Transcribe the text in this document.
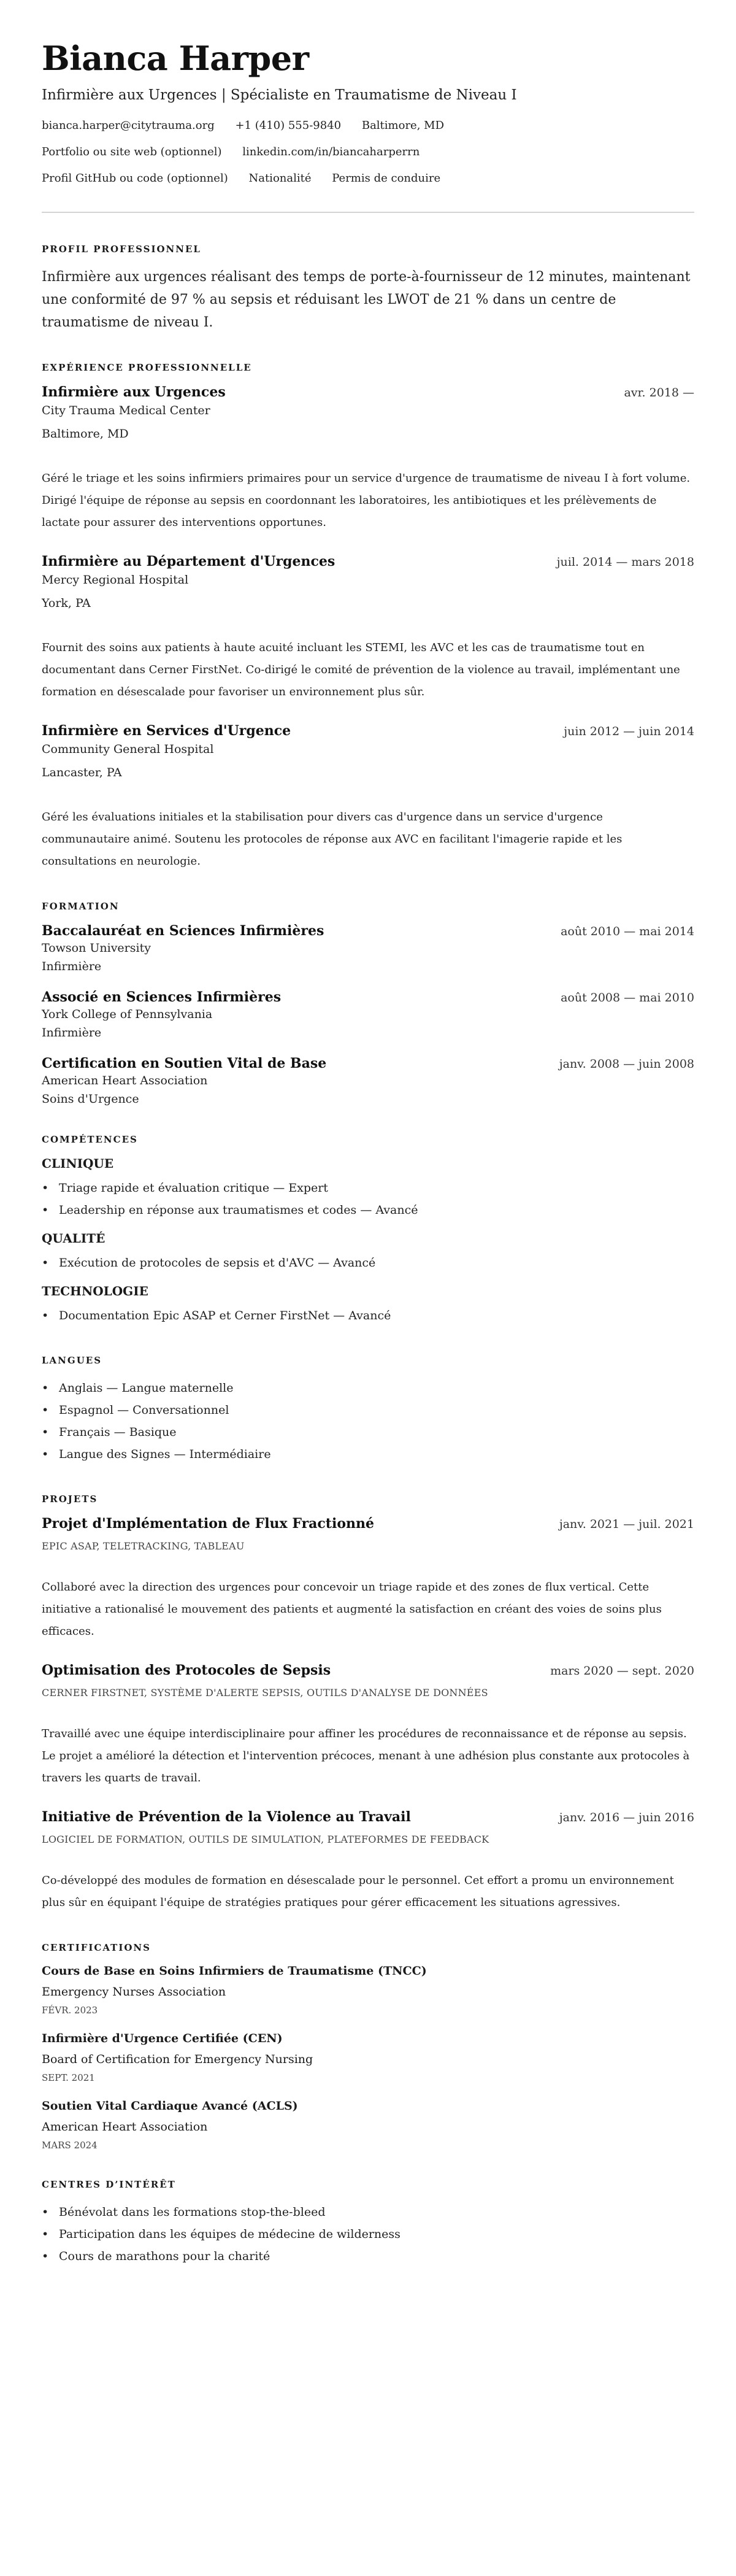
Bianca Harper
Infirmière aux Urgences | Spécialiste en Traumatisme de Niveau I
bianca.harper@citytrauma.org +1 (410) 555-9840 Baltimore, MD
Portfolio ou site web (optionnel) linkedin.com/in/biancaharperrn
Profil GitHub ou code (optionnel) Nationalité Permis de conduire
PROFIL PROFESSIONNEL

Infirmière aux urgences réalisant des temps de porte-à-fournisseur de 12 minutes, maintenant une conformité de 97 % au sepsis et réduisant les LWOT de 21 % dans un centre de traumatisme de niveau I.

EXPÉRIENCE PROFESSIONNELLE
Infirmière aux Urgences	avr. 2018 —
City Trauma Medical Center
Baltimore, MD

Géré le triage et les soins infirmiers primaires pour un service d'urgence de traumatisme de niveau I à fort volume. Dirigé l'équipe de réponse au sepsis en coordonnant les laboratoires, les antibiotiques et les prélèvements de lactate pour assurer des interventions opportunes.

Infirmière au Département d'Urgences	juil. 2014 — mars 2018
Mercy Regional Hospital
York, PA

Fournit des soins aux patients à haute acuité incluant les STEMI, les AVC et les cas de traumatisme tout en documentant dans Cerner FirstNet. Co-dirigé le comité de prévention de la violence au travail, implémentant une formation en désescalade pour favoriser un environnement plus sûr.

Infirmière en Services d'Urgence	juin 2012 — juin 2014
Community General Hospital
Lancaster, PA

Géré les évaluations initiales et la stabilisation pour divers cas d'urgence dans un service d'urgence communautaire animé. Soutenu les protocoles de réponse aux AVC en facilitant l'imagerie rapide et les consultations en neurologie.

FORMATION
Baccalauréat en Sciences Infirmières	août 2010 — mai 2014
Towson University
Infirmière
Associé en Sciences Infirmières	août 2008 — mai 2010
York College of Pennsylvania
Infirmière
Certification en Soutien Vital de Base	janv. 2008 — juin 2008
American Heart Association
Soins d'Urgence
COMPÉTENCES
CLINIQUE
• Triage rapide et évaluation critique — Expert
• Leadership en réponse aux traumatismes et codes — Avancé
QUALITÉ
• Exécution de protocoles de sepsis et d'AVC — Avancé
TECHNOLOGIE
• Documentation Epic ASAP et Cerner FirstNet — Avancé
LANGUES
• Anglais — Langue maternelle
• Espagnol — Conversationnel
• Français — Basique
• Langue des Signes — Intermédiaire
PROJETS
Projet d'Implémentation de Flux Fractionné	janv. 2021 — juil. 2021
EPIC ASAP, TELETRACKING, TABLEAU

Collaboré avec la direction des urgences pour concevoir un triage rapide et des zones de flux vertical. Cette initiative a rationalisé le mouvement des patients et augmenté la satisfaction en créant des voies de soins plus efficaces.

Optimisation des Protocoles de Sepsis	mars 2020 — sept. 2020
CERNER FIRSTNET, SYSTÈME D'ALERTE SEPSIS, OUTILS D'ANALYSE DE DONNÉES

Travaillé avec une équipe interdisciplinaire pour affiner les procédures de reconnaissance et de réponse au sepsis. Le projet a amélioré la détection et l'intervention précoces, menant à une adhésion plus constante aux protocoles à travers les quarts de travail.

Initiative de Prévention de la Violence au Travail	janv. 2016 — juin 2016
LOGICIEL DE FORMATION, OUTILS DE SIMULATION, PLATEFORMES DE FEEDBACK

Co-développé des modules de formation en désescalade pour le personnel. Cet effort a promu un environnement plus sûr en équipant l'équipe de stratégies pratiques pour gérer efficacement les situations agressives.

CERTIFICATIONS
Cours de Base en Soins Infirmiers de Traumatisme (TNCC)
Emergency Nurses Association
FÉVR. 2023
Infirmière d'Urgence Certifiée (CEN)
Board of Certification for Emergency Nursing
SEPT. 2021
Soutien Vital Cardiaque Avancé (ACLS)
American Heart Association
MARS 2024
CENTRES D’INTÉRÊT
• Bénévolat dans les formations stop-the-bleed
• Participation dans les équipes de médecine de wilderness
• Cours de marathons pour la charité
